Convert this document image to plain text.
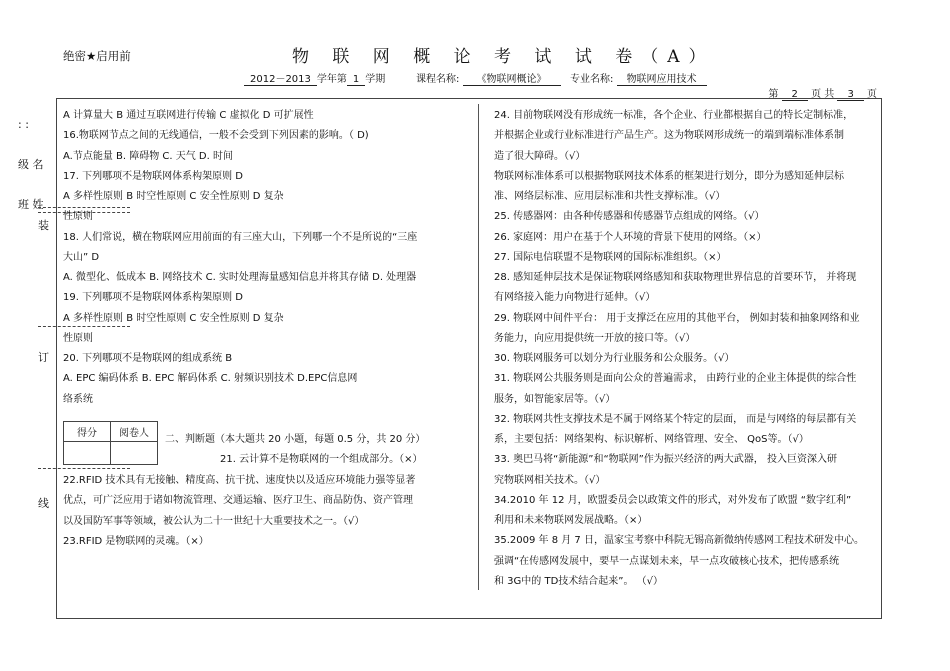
绝密★启用前	物 联 网 概 论 考 试 试 卷（A）
2012－2013 学年第 1 学期	课程名称: 《物联网概论》	专业名称: 物联网应用技术
第 2 页 共 3 页
: :
级 名
班 姓
装
订
线

A 计算量大 B 通过互联网进行传输 C 虚拟化 D 可扩展性

16.物联网节点之间的无线通信，一般不会受到下列因素的影响。（ D)

A.节点能量 B. 障碍物 C. 天气 D. 时间

17. 下列哪项不是物联网体系构架原则 D

A 多样性原则 B 时空性原则 C 安全性原则 D 复杂

性原则

18. 人们常说，横在物联网应用前面的有三座大山，下列哪一个不是所说的“三座

大山” D

A. 微型化、低成本 B. 网络技术 C. 实时处理海量感知信息并将其存储 D. 处理器

19. 下列哪项不是物联网体系构架原则 D

A 多样性原则 B 时空性原则 C 安全性原则 D 复杂

性原则

20. 下列哪项不是物联网的组成系统 B

A. EPC 编码体系 B. EPC 解码体系 C. 射频识别技术 D.EPC信息网

络系统

得分	阅卷人

二、判断题（本大题共 20 小题，每题 0.5 分，共 20 分）
21. 云计算不是物联网的一个组成部分。（×）

22.RFID 技术具有无接触、精度高、抗干扰、速度快以及适应环境能力强等显著

优点，可广泛应用于诸如物流管理、交通运输、医疗卫生、商品防伪、资产管理

以及国防军事等领域，被公认为二十一世纪十大重要技术之一。（√）

23.RFID 是物联网的灵魂。（×）

24. 目前物联网没有形成统一标准，各个企业、行业都根据自己的特长定制标准，

并根据企业或行业标准进行产品生产。这为物联网形成统一的端到端标准体系制

造了很大障碍。（√）

物联网标准体系可以根据物联网技术体系的框架进行划分，即分为感知延伸层标

准、网络层标准、应用层标准和共性支撑标准。（√）

25. 传感器网：由各种传感器和传感器节点组成的网络。（√）

26. 家庭网：用户在基于个人环境的背景下使用的网络。（×）

27. 国际电信联盟不是物联网的国际标准组织。（×）

28. 感知延伸层技术是保证物联网络感知和获取物理世界信息的首要环节， 并将现

有网络接入能力向物进行延伸。（√）

29. 物联网中间件平台： 用于支撑泛在应用的其他平台， 例如封装和抽象网络和业

务能力，向应用提供统一开放的接口等。（√）

30. 物联网服务可以划分为行业服务和公众服务。（√）

31. 物联网公共服务则是面向公众的普遍需求， 由跨行业的企业主体提供的综合性

服务，如智能家居等。（√）

32. 物联网共性支撑技术是不属于网络某个特定的层面， 而是与网络的每层都有关

系，主要包括：网络架构、标识解析、网络管理、安全、 QoS等。（√）

33. 奥巴马将“新能源”和“物联网”作为振兴经济的两大武器， 投入巨资深入研

究物联网相关技术。（√）

34.2010 年 12 月，欧盟委员会以政策文件的形式，对外发布了欧盟 “数字红利”

利用和未来物联网发展战略。（×）

35.2009 年 8 月 7 日，温家宝考察中科院无锡高新微纳传感网工程技术研发中心。

强调“在传感网发展中，要早一点谋划未来，早一点攻破核心技术，把传感系统

和 3G中的 TD技术结合起来”。 （√）
